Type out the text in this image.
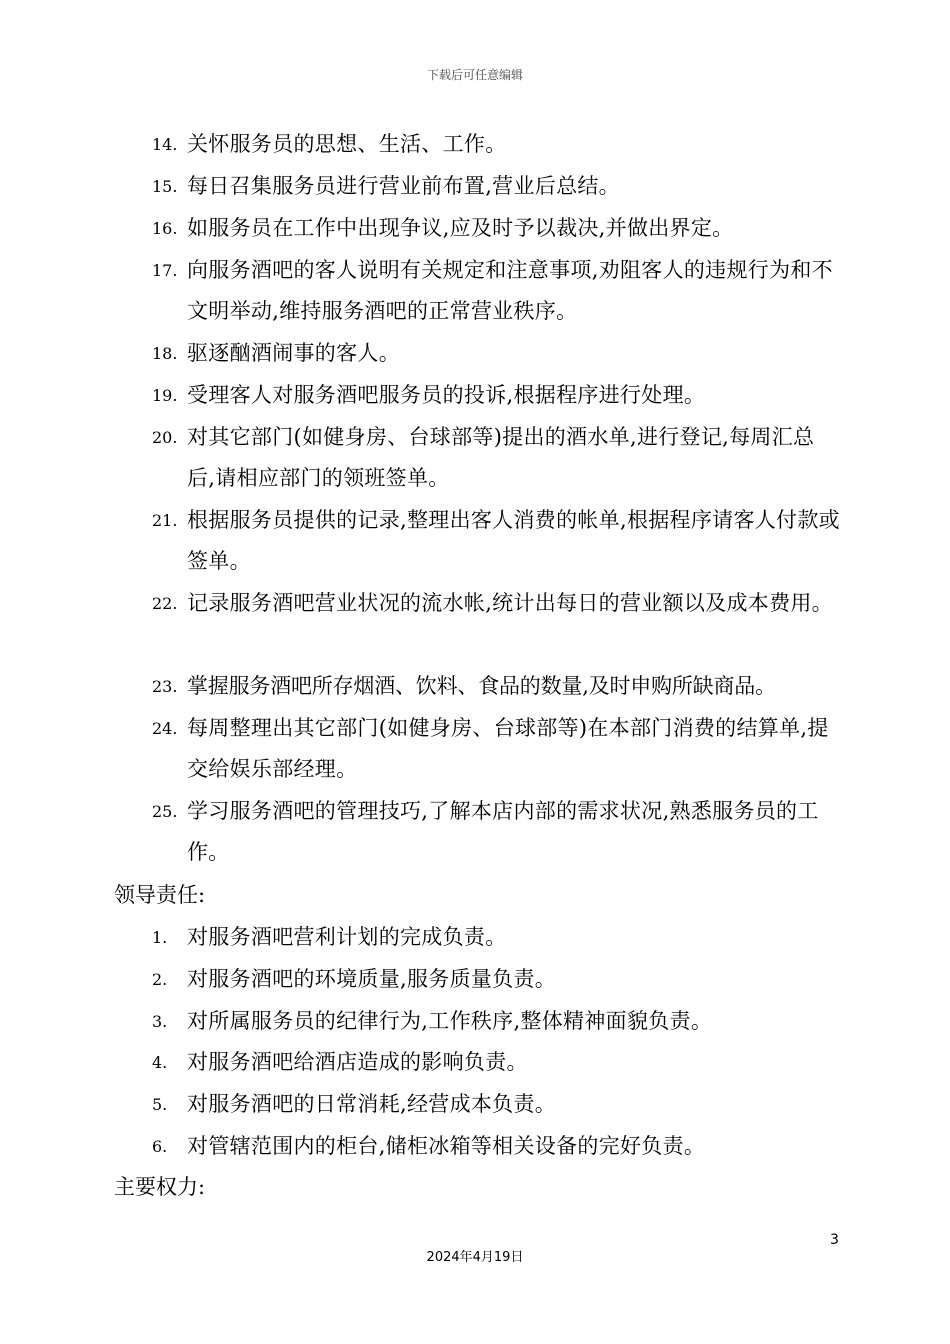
下载后可任意编辑
14. 关怀服务员的思想、生活、工作。
15. 每日召集服务员进行营业前布置,营业后总结。
16. 如服务员在工作中出现争议,应及时予以裁决,并做出界定。
17. 向服务酒吧的客人说明有关规定和注意事项,劝阻客人的违规行为和不文明举动,维持服务酒吧的正常营业秩序。
18. 驱逐酗酒闹事的客人。
19. 受理客人对服务酒吧服务员的投诉,根据程序进行处理。
20. 对其它部门(如健身房、台球部等)提出的酒水单,进行登记,每周汇总后,请相应部门的领班签单。
21. 根据服务员提供的记录,整理出客人消费的帐单,根据程序请客人付款或签单。
22. 记录服务酒吧营业状况的流水帐,统计出每日的营业额以及成本费用。
23. 掌握服务酒吧所存烟酒、饮料、食品的数量,及时申购所缺商品。
24. 每周整理出其它部门(如健身房、台球部等)在本部门消费的结算单,提交给娱乐部经理。
25. 学习服务酒吧的管理技巧,了解本店内部的需求状况,熟悉服务员的工作。
领导责任:
1. 对服务酒吧营利计划的完成负责。
2. 对服务酒吧的环境质量,服务质量负责。
3. 对所属服务员的纪律行为,工作秩序,整体精神面貌负责。
4. 对服务酒吧给酒店造成的影响负责。
5. 对服务酒吧的日常消耗,经营成本负责。
6. 对管辖范围内的柜台,储柜冰箱等相关设备的完好负责。
主要权力:
3
2024年4月19日
